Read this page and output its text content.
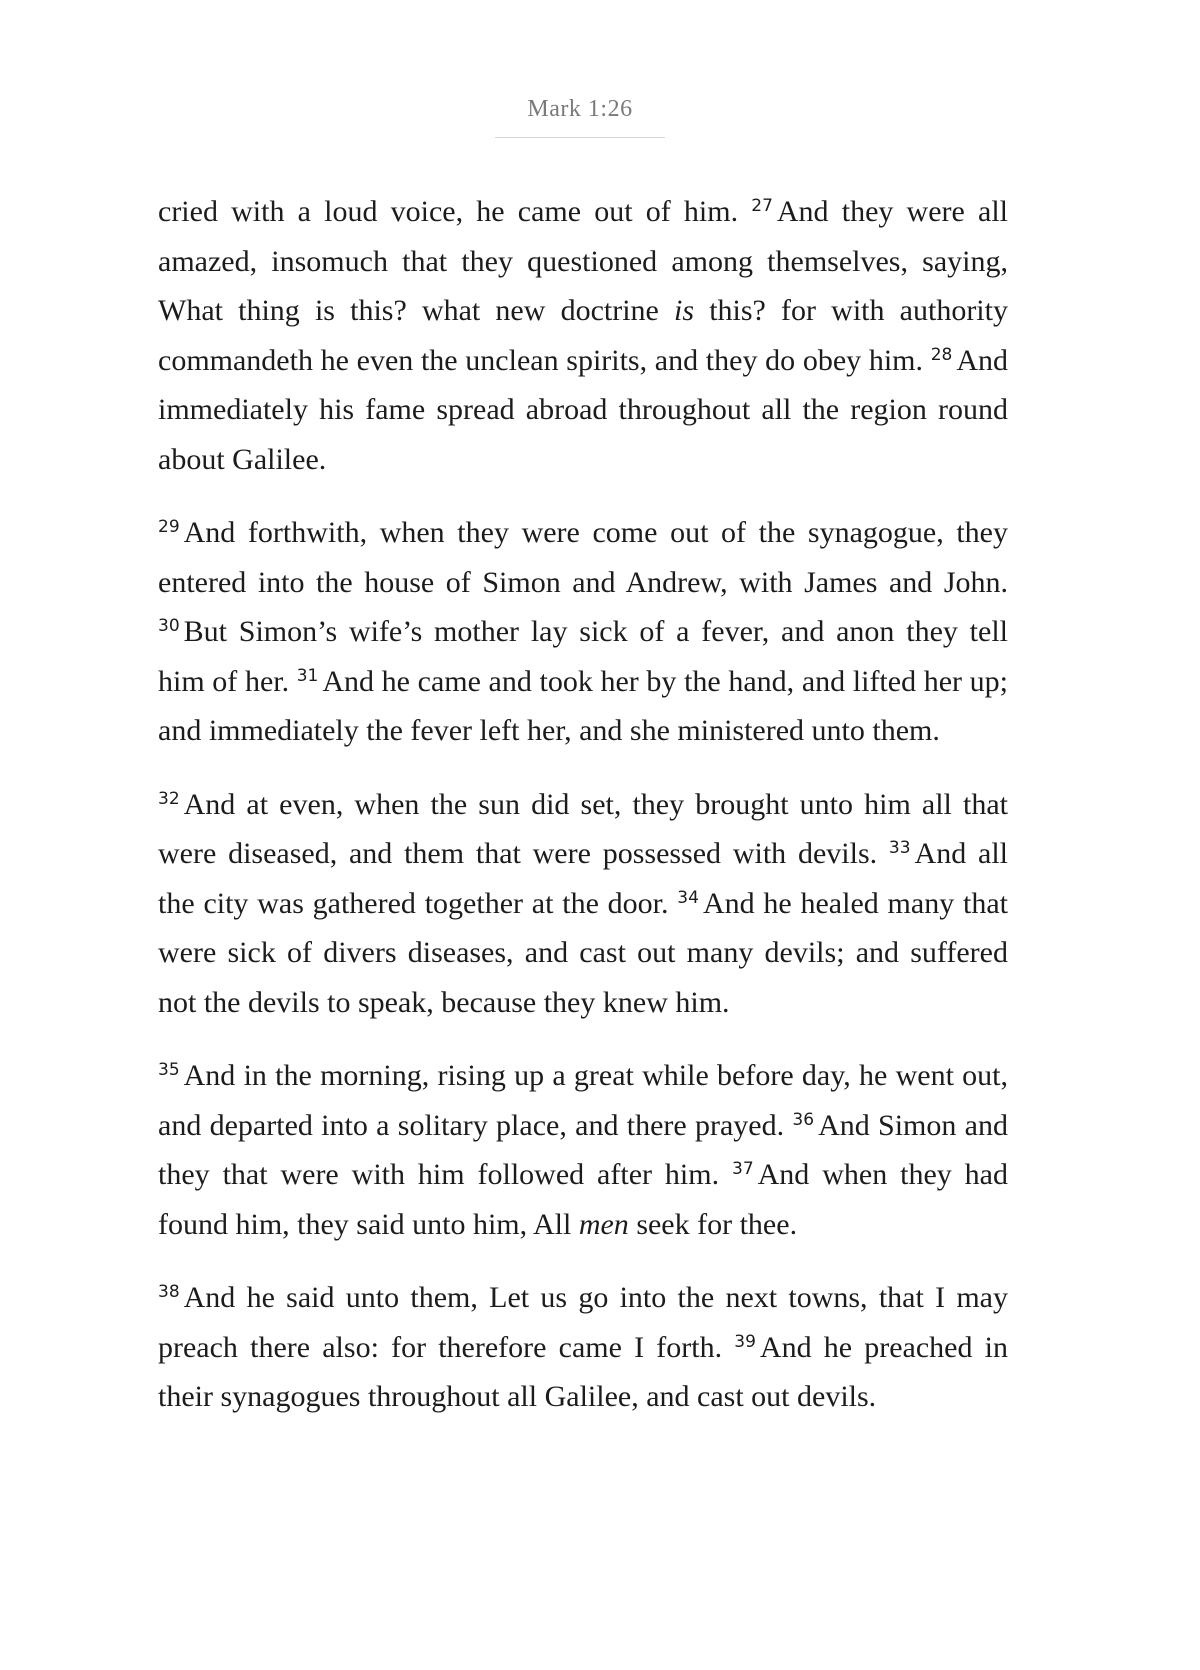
Mark 1:26

cried with a loud voice, he came out of him. $^{27}$ And they were all amazed, insomuch that they questioned among themselves, saying, What thing is this? what new doctrine is this? for with authority commandeth he even the unclean spirits, and they do obey him. $^{28}$ And immediately his fame spread abroad throughout all the region round about Galilee.

$^{29}$ And forthwith, when they were come out of the synagogue, they entered into the house of Simon and Andrew, with James and John. $^{30}$ But Simon’s wife’s mother lay sick of a fever, and anon they tell him of her. $^{31}$ And he came and took her by the hand, and lifted her up; and immediately the fever left her, and she ministered unto them.

$^{32}$ And at even, when the sun did set, they brought unto him all that were diseased, and them that were possessed with devils. $^{33}$ And all the city was gathered together at the door. $^{34}$ And he healed many that were sick of divers diseases, and cast out many devils; and suffered not the devils to speak, because they knew him.

$^{35}$ And in the morning, rising up a great while before day, he went out, and departed into a solitary place, and there prayed. $^{36}$ And Simon and they that were with him followed after him. $^{37}$ And when they had found him, they said unto him, All men seek for thee.

$^{38}$ And he said unto them, Let us go into the next towns, that I may preach there also: for therefore came I forth. $^{39}$ And he preached in their synagogues throughout all Galilee, and cast out devils.
